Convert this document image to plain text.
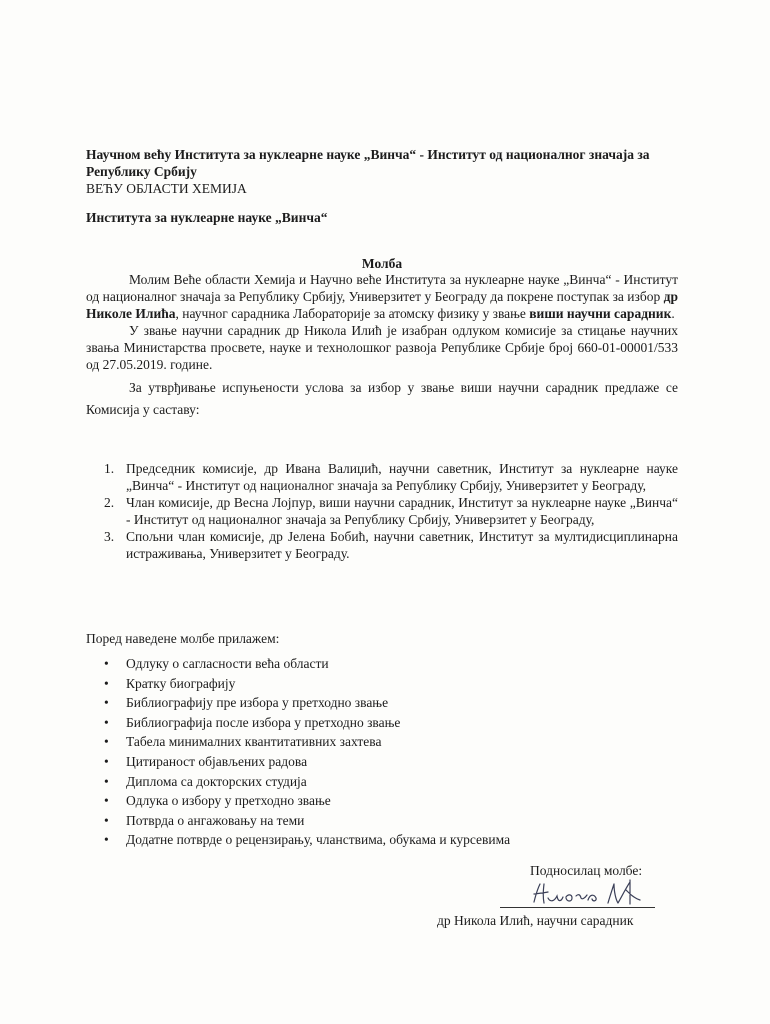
Научном већу Института за нуклеарне науке „Винча“ - Институт од националног значаја за Републику Србију
ВЕЋУ ОБЛАСТИ ХЕМИЈА
Института за нуклеарне науке „Винча“
Молба

Молим Веће области Хемија и Научно веће Института за нуклеарне науке „Винча“ - Институт од националног значаја за Републику Србију, Универзитет у Београду да покрене поступак за избор др Николе Илића, научног сарадника Лабораторије за атомску физику у звање виши научни сарадник.

У звање научни сарадник др Никола Илић је изабран одлуком комисије за стицање научних звања Министарства просвете, науке и технолошког развоја Републике Србије број 660-01-00001/533 од 27.05.2019. године.

За утврђивање испуњености услова за избор у звање виши научни сарадник предлаже се Комисија у саставу:

1. Председник комисије, др Ивана Валиџић, научни саветник, Институт за нуклеарне науке „Винча“ - Институт од националног значаја за Републику Србију, Универзитет у Београду,
2. Члан комисије, др Весна Лојпур, виши научни сарадник, Институт за нуклеарне науке „Винча“ - Институт од националног значаја за Републику Србију, Универзитет у Београду,
3. Спољни члан комисије, др Јелена Бобић, научни саветник, Институт за мултидисциплинарна истраживања, Универзитет у Београду.
Поред наведене молбе прилажем:
• Одлуку о сагласности већа области
• Кратку биографију
• Библиографију пре избора у претходно звање
• Библиографија после избора у претходно звање
• Табела минималних квантитативних захтева
• Цитираност објављених радова
• Диплома са докторских студија
• Одлука о избору у претходно звање
• Потврда о ангажовању на теми
• Додатне потврде о рецензирању, чланствима, обукама и курсевима
Подносилац молбе:
др Никола Илић, научни сарадник
